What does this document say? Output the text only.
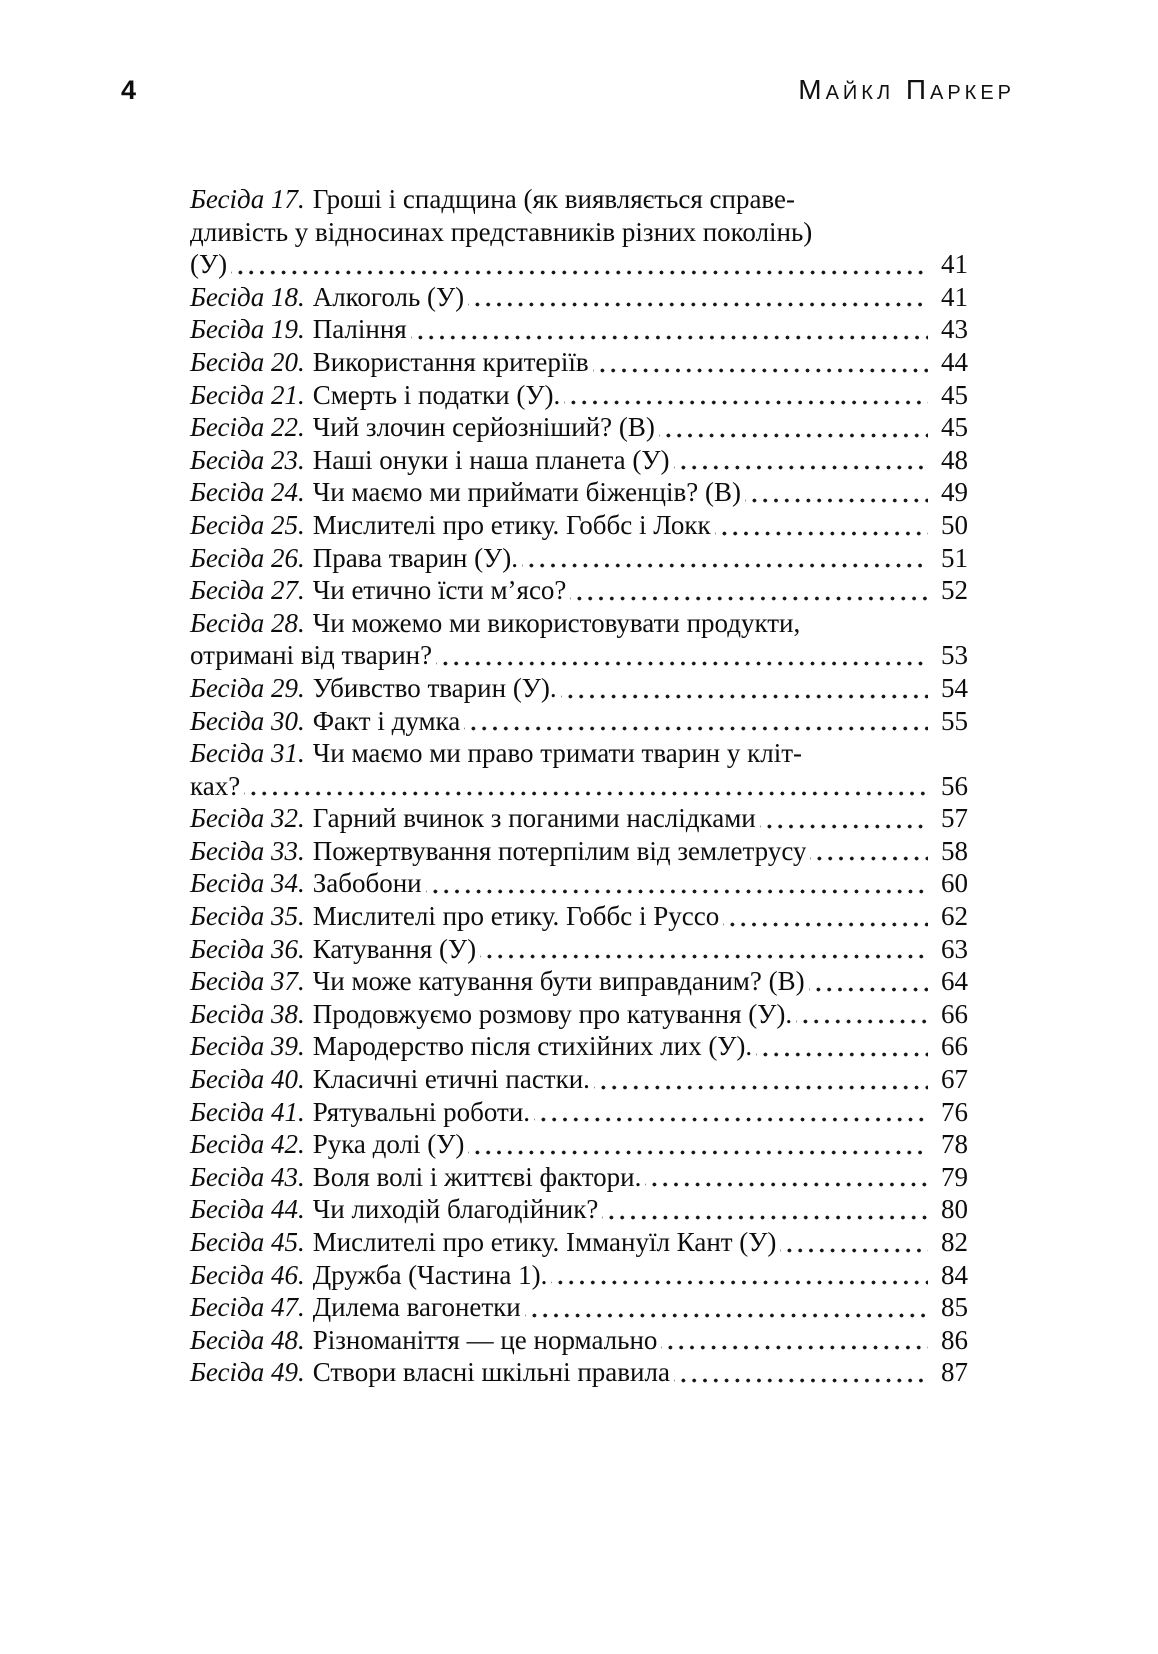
4	Майкл Паркер
Бесіда 17. Гроші і спадщина (як виявляється справе-
дливість у відносинах представників різних поколінь)
(У)	41
Бесіда 18. Алкоголь (У)	41
Бесіда 19. Паління	43
Бесіда 20. Використання критеріїв	44
Бесіда 21. Смерть і податки (У).	45
Бесіда 22. Чий злочин серйозніший? (В)	45
Бесіда 23. Наші онуки і наша планета (У)	48
Бесіда 24. Чи маємо ми приймати біженців? (В)	49
Бесіда 25. Мислителі про етику. Гоббс і Локк	50
Бесіда 26. Права тварин (У).	51
Бесіда 27. Чи етично їсти м’ясо?	52
Бесіда 28. Чи можемо ми використовувати продукти,
отримані від тварин?	53
Бесіда 29. Убивство тварин (У).	54
Бесіда 30. Факт і думка	55
Бесіда 31. Чи маємо ми право тримати тварин у кліт-
ках?	56
Бесіда 32. Гарний вчинок з поганими наслідками	57
Бесіда 33. Пожертвування потерпілим від землетрусу	58
Бесіда 34. Забобони	60
Бесіда 35. Мислителі про етику. Гоббс і Руссо	62
Бесіда 36. Катування (У)	63
Бесіда 37. Чи може катування бути виправданим? (В)	64
Бесіда 38. Продовжуємо розмову про катування (У).	66
Бесіда 39. Мародерство після стихійних лих (У).	66
Бесіда 40. Класичні етичні пастки.	67
Бесіда 41. Рятувальні роботи.	76
Бесіда 42. Рука долі (У)	78
Бесіда 43. Воля волі і життєві фактори.	79
Бесіда 44. Чи лиходій благодійник?	80
Бесіда 45. Мислителі про етику. Іммануїл Кант (У)	82
Бесіда 46. Дружба (Частина 1).	84
Бесіда 47. Дилема вагонетки	85
Бесіда 48. Різноманіття — це нормально	86
Бесіда 49. Створи власні шкільні правила	87
